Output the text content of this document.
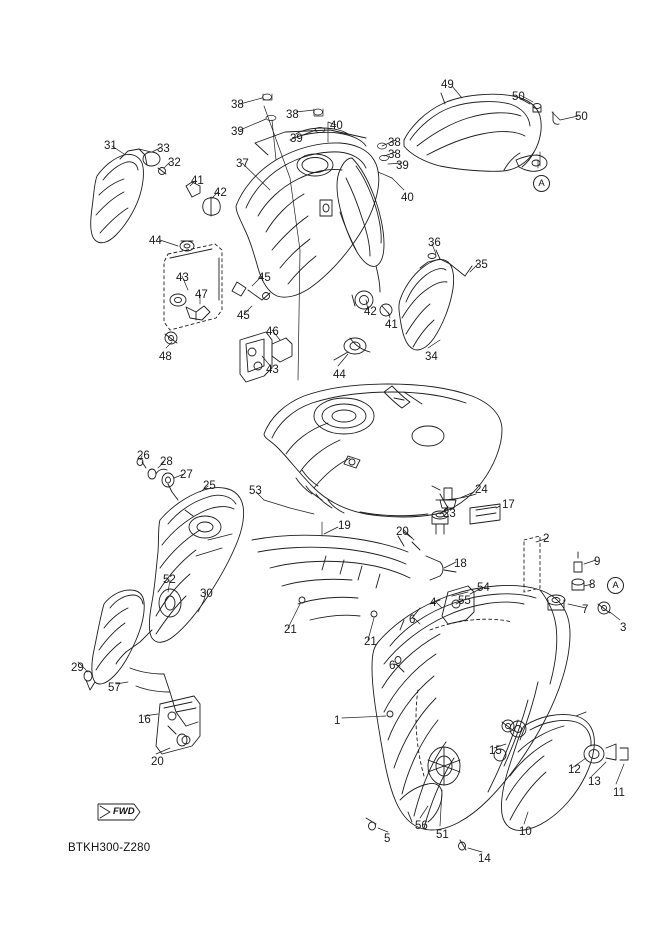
38
38
39
39
40
38
38
39
40
49
50
50
31	33
32	37
41
42
36
35
44
43
47
45
45
46
48
43	44
42
41
34
26 28
27
25	53
19
24
23
17
20
2
9
18
8
54
55
7
3
4
6
6
52
30
21
21
29
57
16
20
1
15
12
13
11
10
51
56
5
14
A
A
FWD
BTKH300-Z280
